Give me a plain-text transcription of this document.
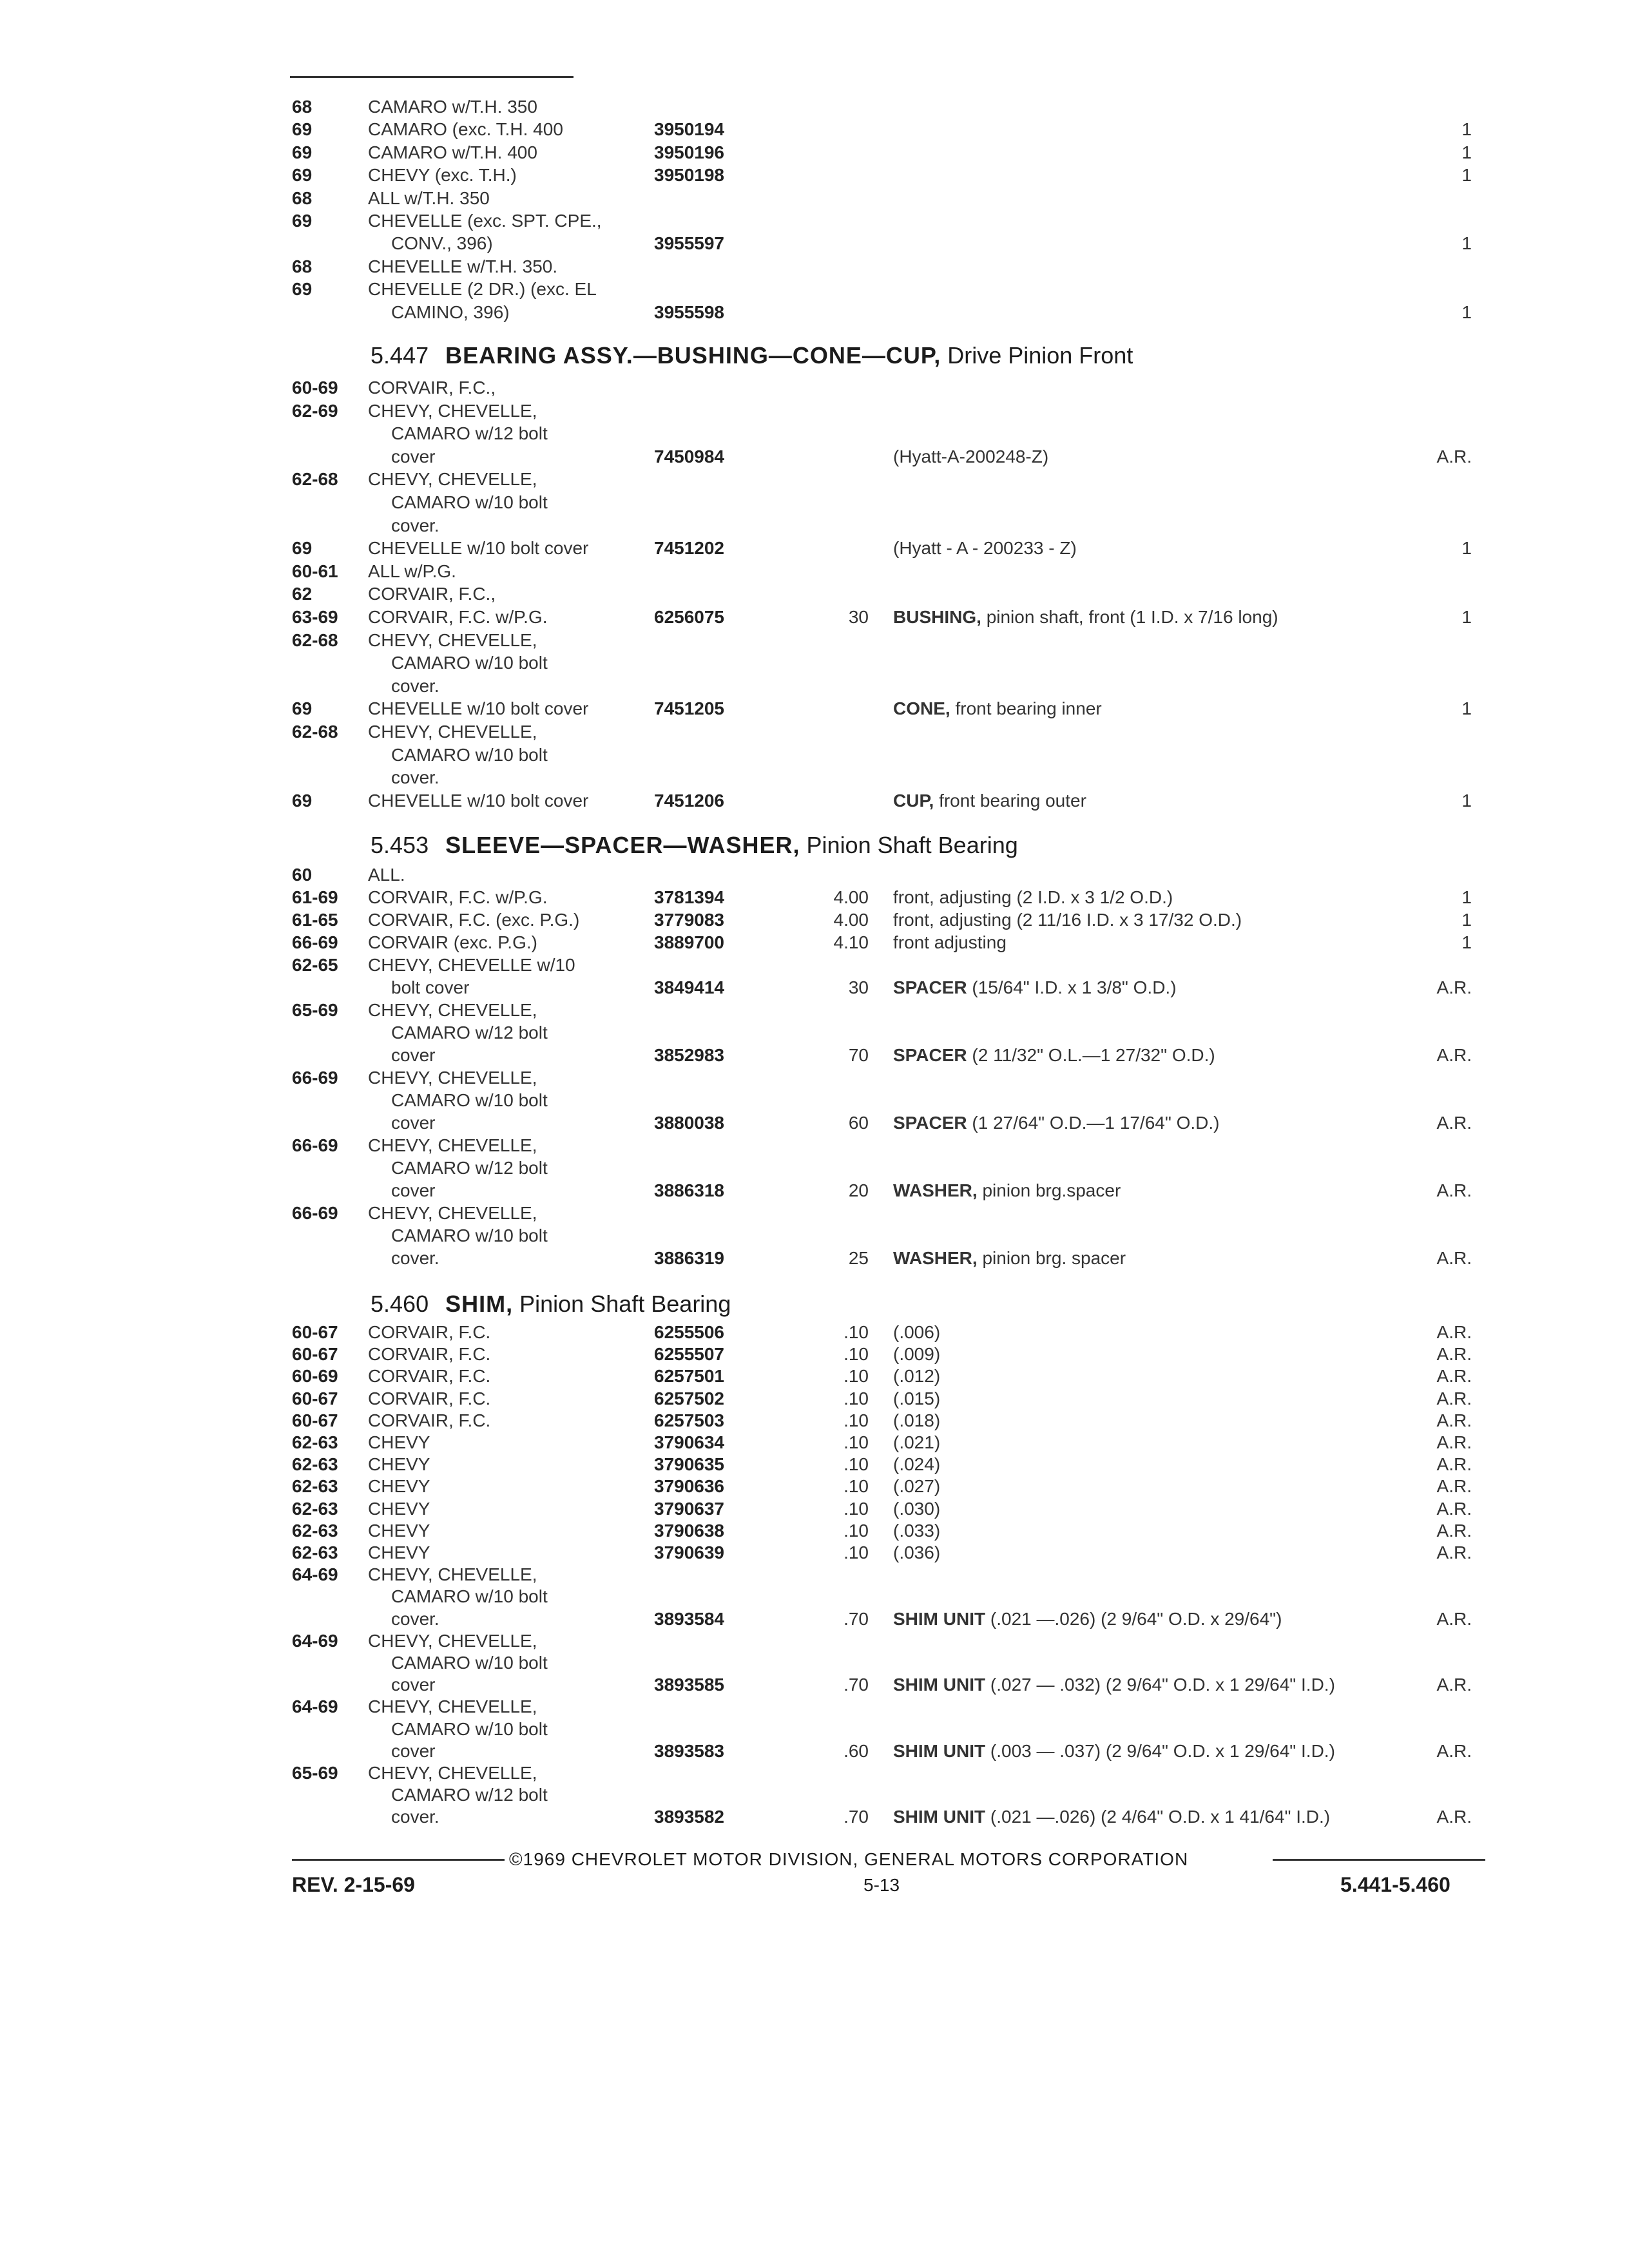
68	CAMARO w/T.H. 350
69	CAMARO (exc. T.H. 400	3950194	1
69	CAMARO w/T.H. 400	3950196	1
69	CHEVY (exc. T.H.)	3950198	1
68	ALL w/T.H. 350
69	CHEVELLE (exc. SPT. CPE.,
CONV., 396)	3955597	1
68	CHEVELLE w/T.H. 350.
69	CHEVELLE (2 DR.) (exc. EL
CAMINO, 396)	3955598	1
5.447 BEARING ASSY.—BUSHING—CONE—CUP, Drive Pinion Front
60-69 CORVAIR, F.C.,
62-69 CHEVY, CHEVELLE,
CAMARO w/12 bolt
cover	7450984	(Hyatt-A-200248-Z)	A.R.
62-68 CHEVY, CHEVELLE,
CAMARO w/10 bolt
cover.
69	CHEVELLE w/10 bolt cover	7451202	(Hyatt - A - 200233 - Z)	1
60-61 ALL w/P.G.
62	CORVAIR, F.C.,
63-69 CORVAIR, F.C. w/P.G.	6256075	30 BUSHING, pinion shaft, front (1 I.D. x 7/16 long)	1
62-68 CHEVY, CHEVELLE,
CAMARO w/10 bolt
cover.
69	CHEVELLE w/10 bolt cover	7451205	CONE, front bearing inner	1
62-68 CHEVY, CHEVELLE,
CAMARO w/10 bolt
cover.
69	CHEVELLE w/10 bolt cover	7451206	CUP, front bearing outer	1
5.453 SLEEVE—SPACER—WASHER, Pinion Shaft Bearing
60	ALL.
61-69 CORVAIR, F.C. w/P.G.	3781394	4.00 front, adjusting (2 I.D. x 3 1/2 O.D.)	1
61-65 CORVAIR, F.C. (exc. P.G.)	3779083	4.00 front, adjusting (2 11/16 I.D. x 3 17/32 O.D.)	1
66-69 CORVAIR (exc. P.G.)	3889700	4.10 front adjusting	1
62-65 CHEVY, CHEVELLE w/10
bolt cover	3849414	30 SPACER (15/64" I.D. x 1 3/8" O.D.)	A.R.
65-69 CHEVY, CHEVELLE,
CAMARO w/12 bolt
cover	3852983	70 SPACER (2 11/32" O.L.—1 27/32" O.D.)	A.R.
66-69 CHEVY, CHEVELLE,
CAMARO w/10 bolt
cover	3880038	60 SPACER (1 27/64" O.D.—1 17/64" O.D.)	A.R.
66-69 CHEVY, CHEVELLE,
CAMARO w/12 bolt
cover	3886318	20 WASHER, pinion brg.spacer	A.R.
66-69 CHEVY, CHEVELLE,
CAMARO w/10 bolt
cover.	3886319	25 WASHER, pinion brg. spacer	A.R.
5.460 SHIM, Pinion Shaft Bearing
60-67 CORVAIR, F.C.	6255506	.10 (.006)	A.R.
60-67 CORVAIR, F.C.	6255507	.10 (.009)	A.R.
60-69 CORVAIR, F.C.	6257501	.10 (.012)	A.R.
60-67 CORVAIR, F.C.	6257502	.10 (.015)	A.R.
60-67 CORVAIR, F.C.	6257503	.10 (.018)	A.R.
62-63 CHEVY	3790634	.10 (.021)	A.R.
62-63 CHEVY	3790635	.10 (.024)	A.R.
62-63 CHEVY	3790636	.10 (.027)	A.R.
62-63 CHEVY	3790637	.10 (.030)	A.R.
62-63 CHEVY	3790638	.10 (.033)	A.R.
62-63 CHEVY	3790639	.10 (.036)	A.R.
64-69 CHEVY, CHEVELLE,
CAMARO w/10 bolt
cover.	3893584	.70 SHIM UNIT (.021 —.026) (2 9/64" O.D. x 29/64")	A.R.
64-69 CHEVY, CHEVELLE,
CAMARO w/10 bolt
cover	3893585	.70 SHIM UNIT (.027 — .032) (2 9/64" O.D. x 1 29/64" I.D.)	A.R.
64-69 CHEVY, CHEVELLE,
CAMARO w/10 bolt
cover	3893583	.60 SHIM UNIT (.003 — .037) (2 9/64" O.D. x 1 29/64" I.D.)	A.R.
65-69 CHEVY, CHEVELLE,
CAMARO w/12 bolt
cover.	3893582	.70 SHIM UNIT (.021 —.026) (2 4/64" O.D. x 1 41/64" I.D.)	A.R.
©1969 CHEVROLET MOTOR DIVISION, GENERAL MOTORS CORPORATION
REV. 2-15-69	5-13	5.441-5.460
